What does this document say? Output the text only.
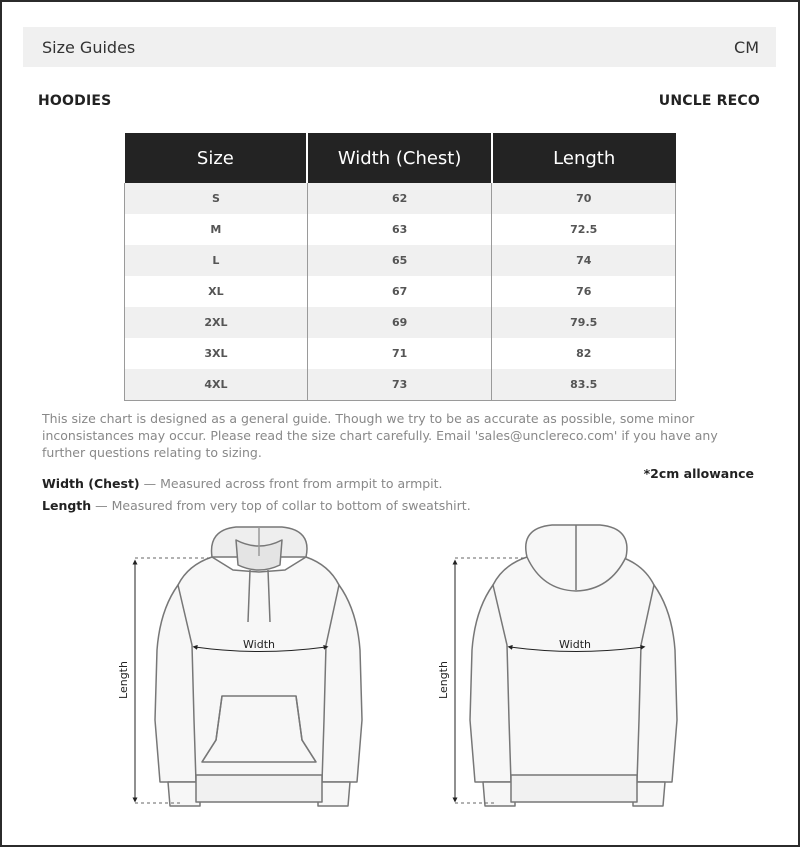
Size Guides	CM
HOODIES	UNCLE RECO
Size	Width (Chest)	Length
S	62	70
M	63	72.5
L	65	74
XL	67	76
2XL	69	79.5
3XL	71	82
4XL	73	83.5
This size chart is designed as a general guide. Though we try to be as accurate as possible, some minor inconsistances may occur. Please read the size chart carefully. Email 'sales@unclereco.com' if you have any further questions relating to sizing.
*2cm allowance
Width (Chest) — Measured across front from armpit to armpit.
Length — Measured from very top of collar to bottom of sweatshirt.
Width
Length
Width
Length
